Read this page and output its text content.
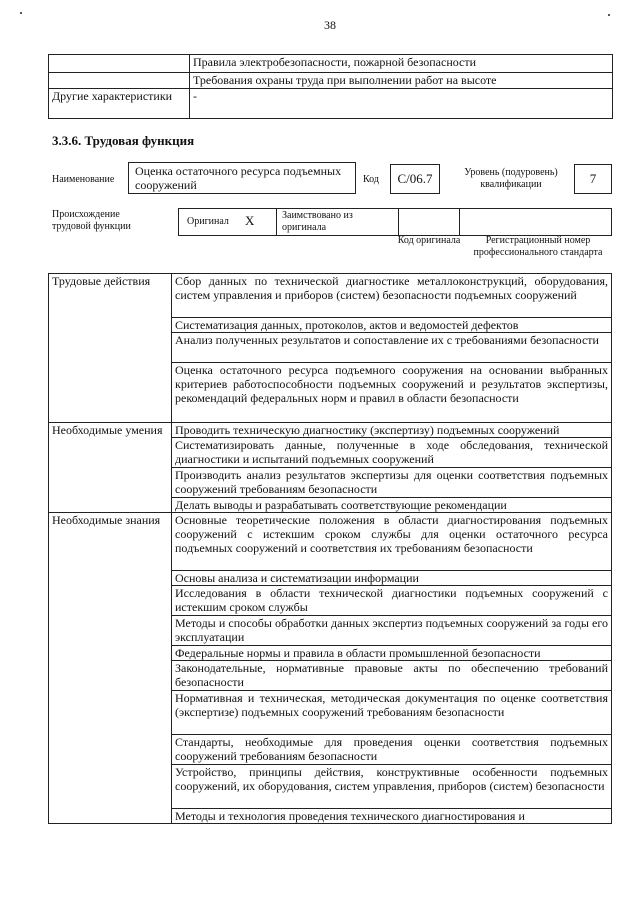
38
	Правила электробезопасности, пожарной безопасности
	Требования охраны труда при выполнении работ на высоте
Другие характеристики	-
3.3.6. Трудовая функция
Наименование
Оценка остаточного ресурса подъемных сооружений	Код	C/06.7	Уровень (подуровень) квалификации	7
Происхождение трудовой функции	Оригинал X	Заимствовано из оригинала
Код оригинала	Регистрационный номер профессионального стандарта
Трудовые действия	Сбор данных по технической диагностике металлоконструкций, оборудования, систем управления и приборов (систем) безопасности подъемных сооружений
	Систематизация данных, протоколов, актов и ведомостей дефектов
	Анализ полученных результатов и сопоставление их с требованиями безопасности
	Оценка остаточного ресурса подъемного сооружения на основании выбранных критериев работоспособности подъемных сооружений и результатов экспертизы, рекомендаций федеральных норм и правил в области безопасности
Необходимые умения	Проводить техническую диагностику (экспертизу) подъемных сооружений
	Систематизировать данные, полученные в ходе обследования, технической диагностики и испытаний подъемных сооружений
	Производить анализ результатов экспертизы для оценки соответствия подъемных сооружений требованиям безопасности
	Делать выводы и разрабатывать соответствующие рекомендации
Необходимые знания	Основные теоретические положения в области диагностирования подъемных сооружений с истекшим сроком службы для оценки остаточного ресурса подъемных сооружений и соответствия их требованиям безопасности
	Основы анализа и систематизации информации
	Исследования в области технической диагностики подъемных сооружений с истекшим сроком службы
	Методы и способы обработки данных экспертиз подъемных сооружений за годы его эксплуатации
	Федеральные нормы и правила в области промышленной безопасности
	Законодательные, нормативные правовые акты по обеспечению требований безопасности
	Нормативная и техническая, методическая документация по оценке соответствия (экспертизе) подъемных сооружений требованиям безопасности
	Стандарты, необходимые для проведения оценки соответствия подъемных сооружений требованиям безопасности
	Устройство, принципы действия, конструктивные особенности подъемных сооружений, их оборудования, систем управления, приборов (систем) безопасности
	Методы и технология проведения технического диагностирования и
